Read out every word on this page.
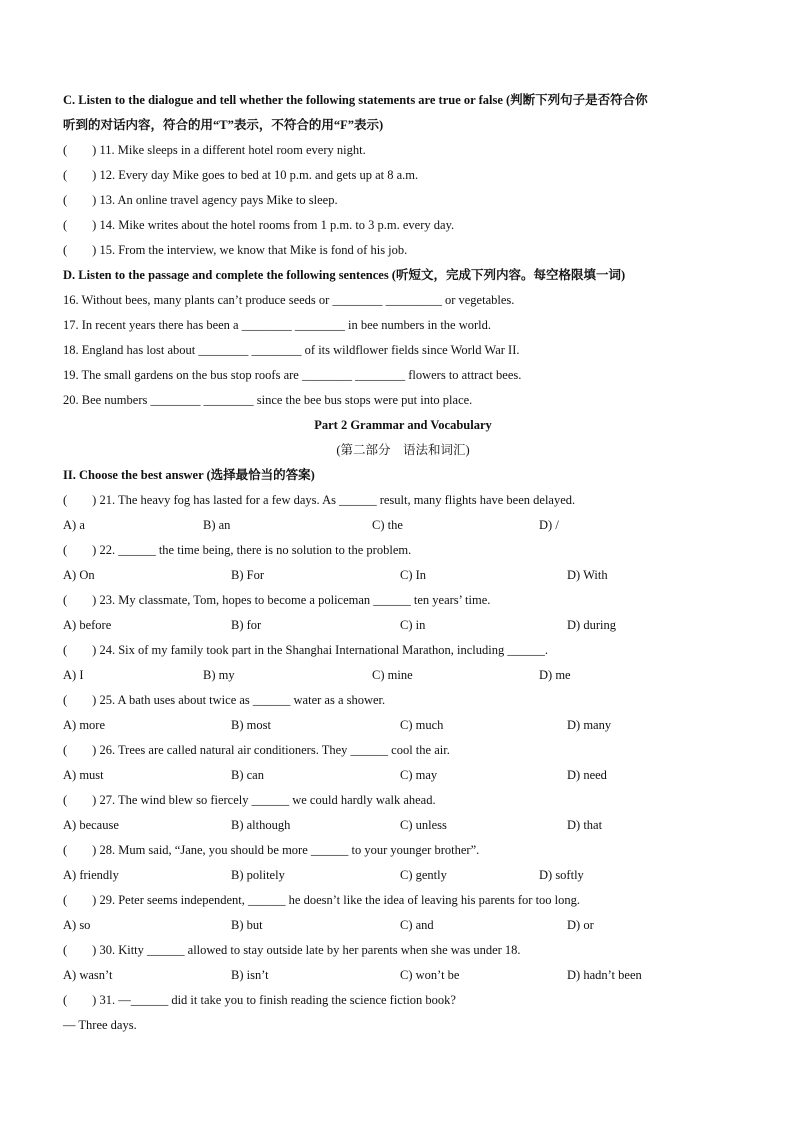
C. Listen to the dialogue and tell whether the following statements are true or false (判断下列句子是否符合你
听到的对话内容，符合的用“T”表示，不符合的用“F”表示)
(　　) 11. Mike sleeps in a different hotel room every night.
(　　) 12. Every day Mike goes to bed at 10 p.m. and gets up at 8 a.m.
(　　) 13. An online travel agency pays Mike to sleep.
(　　) 14. Mike writes about the hotel rooms from 1 p.m. to 3 p.m. every day.
(　　) 15. From the interview, we know that Mike is fond of his job.
D. Listen to the passage and complete the following sentences (听短文，完成下列内容。每空格限填一词)
16. Without bees, many plants can’t produce seeds or ________ _________ or vegetables.
17. In recent years there has been a ________ ________ in bee numbers in the world.
18. England has lost about ________ ________ of its wildflower fields since World War II.
19. The small gardens on the bus stop roofs are ________ ________ flowers to attract bees.
20. Bee numbers ________ ________ since the bee bus stops were put into place.
Part 2 Grammar and Vocabulary
(第二部分　语法和词汇)
II. Choose the best answer (选择最恰当的答案)
(　　) 21. The heavy fog has lasted for a few days. As ______ result, many flights have been delayed.
A) a	B) an	C) the	D) /
(　　) 22. ______ the time being, there is no solution to the problem.
A) On	B) For	C) In	D) With
(　　) 23. My classmate, Tom, hopes to become a policeman ______ ten years’ time.
A) before	B) for	C) in	D) during
(　　) 24. Six of my family took part in the Shanghai International Marathon, including ______.
A) I	B) my	C) mine	D) me
(　　) 25. A bath uses about twice as ______ water as a shower.
A) more	B) most	C) much	D) many
(　　) 26. Trees are called natural air conditioners. They ______ cool the air.
A) must	B) can	C) may	D) need
(　　) 27. The wind blew so fiercely ______ we could hardly walk ahead.
A) because	B) although	C) unless	D) that
(　　) 28. Mum said, “Jane, you should be more ______ to your younger brother”.
A) friendly	B) politely	C) gently	D) softly
(　　) 29. Peter seems independent, ______ he doesn’t like the idea of leaving his parents for too long.
A) so	B) but	C) and	D) or
(　　) 30. Kitty ______ allowed to stay outside late by her parents when she was under 18.
A) wasn’t	B) isn’t	C) won’t be	D) hadn’t been
(　　) 31. —______ did it take you to finish reading the science fiction book?
— Three days.
